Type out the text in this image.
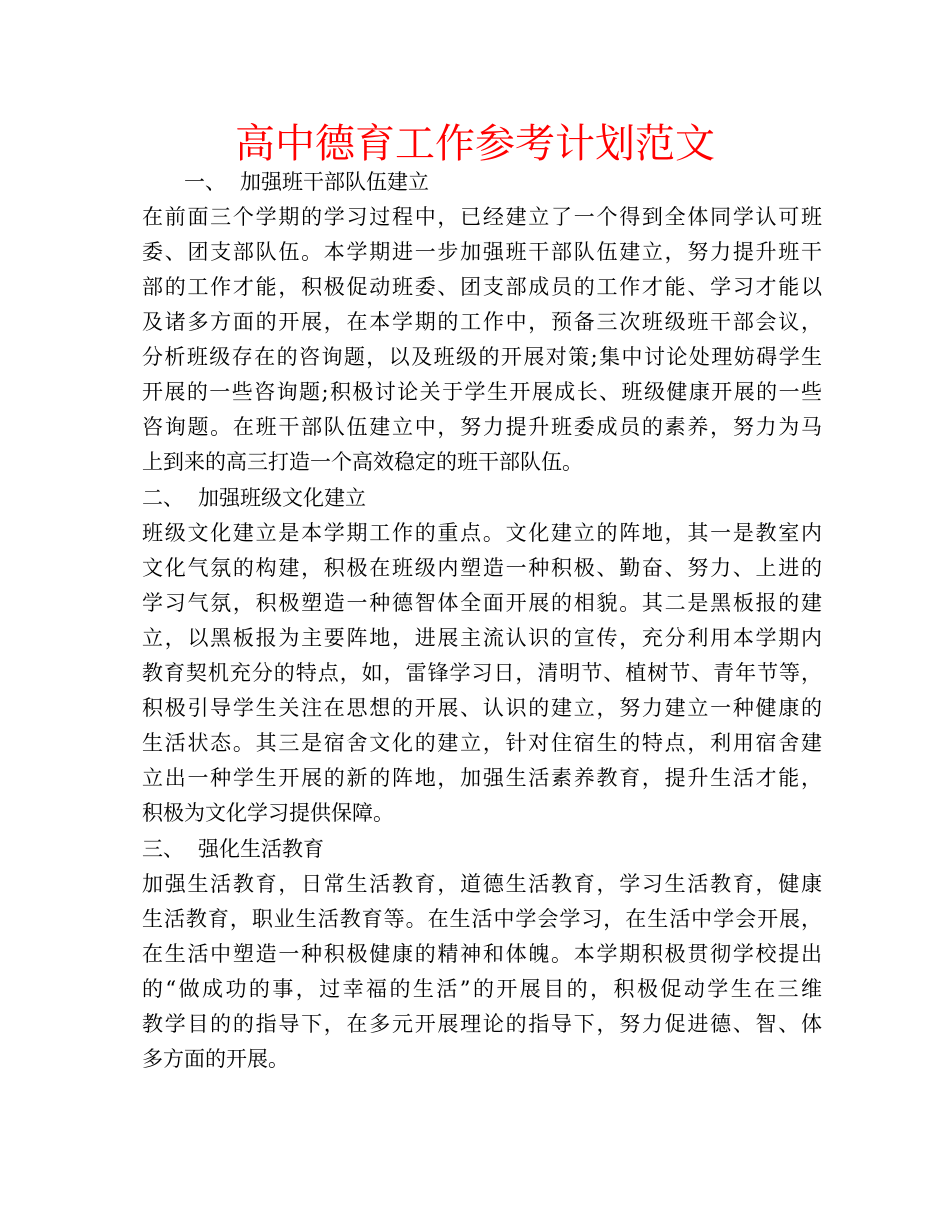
高中德育工作参考计划范文
一、 加强班干部队伍建立
在前面三个学期的学习过程中，已经建立了一个得到全体同学认可班
委、团支部队伍。本学期进一步加强班干部队伍建立，努力提升班干
部的工作才能，积极促动班委、团支部成员的工作才能、学习才能以
及诸多方面的开展，在本学期的工作中，预备三次班级班干部会议，
分析班级存在的咨询题，以及班级的开展对策;集中讨论处理妨碍学生
开展的一些咨询题;积极讨论关于学生开展成长、班级健康开展的一些
咨询题。在班干部队伍建立中，努力提升班委成员的素养，努力为马
上到来的高三打造一个高效稳定的班干部队伍。
二、 加强班级文化建立
班级文化建立是本学期工作的重点。文化建立的阵地，其一是教室内
文化气氛的构建，积极在班级内塑造一种积极、勤奋、努力、上进的
学习气氛，积极塑造一种德智体全面开展的相貌。其二是黑板报的建
立，以黑板报为主要阵地，进展主流认识的宣传，充分利用本学期内
教育契机充分的特点，如，雷锋学习日，清明节、植树节、青年节等，
积极引导学生关注在思想的开展、认识的建立，努力建立一种健康的
生活状态。其三是宿舍文化的建立，针对住宿生的特点，利用宿舍建
立出一种学生开展的新的阵地，加强生活素养教育，提升生活才能，
积极为文化学习提供保障。
三、 强化生活教育
加强生活教育，日常生活教育，道德生活教育，学习生活教育，健康
生活教育，职业生活教育等。在生活中学会学习，在生活中学会开展，
在生活中塑造一种积极健康的精神和体魄。本学期积极贯彻学校提出
的“做成功的事，过幸福的生活”的开展目的，积极促动学生在三维
教学目的的指导下，在多元开展理论的指导下，努力促进德、智、体
多方面的开展。
